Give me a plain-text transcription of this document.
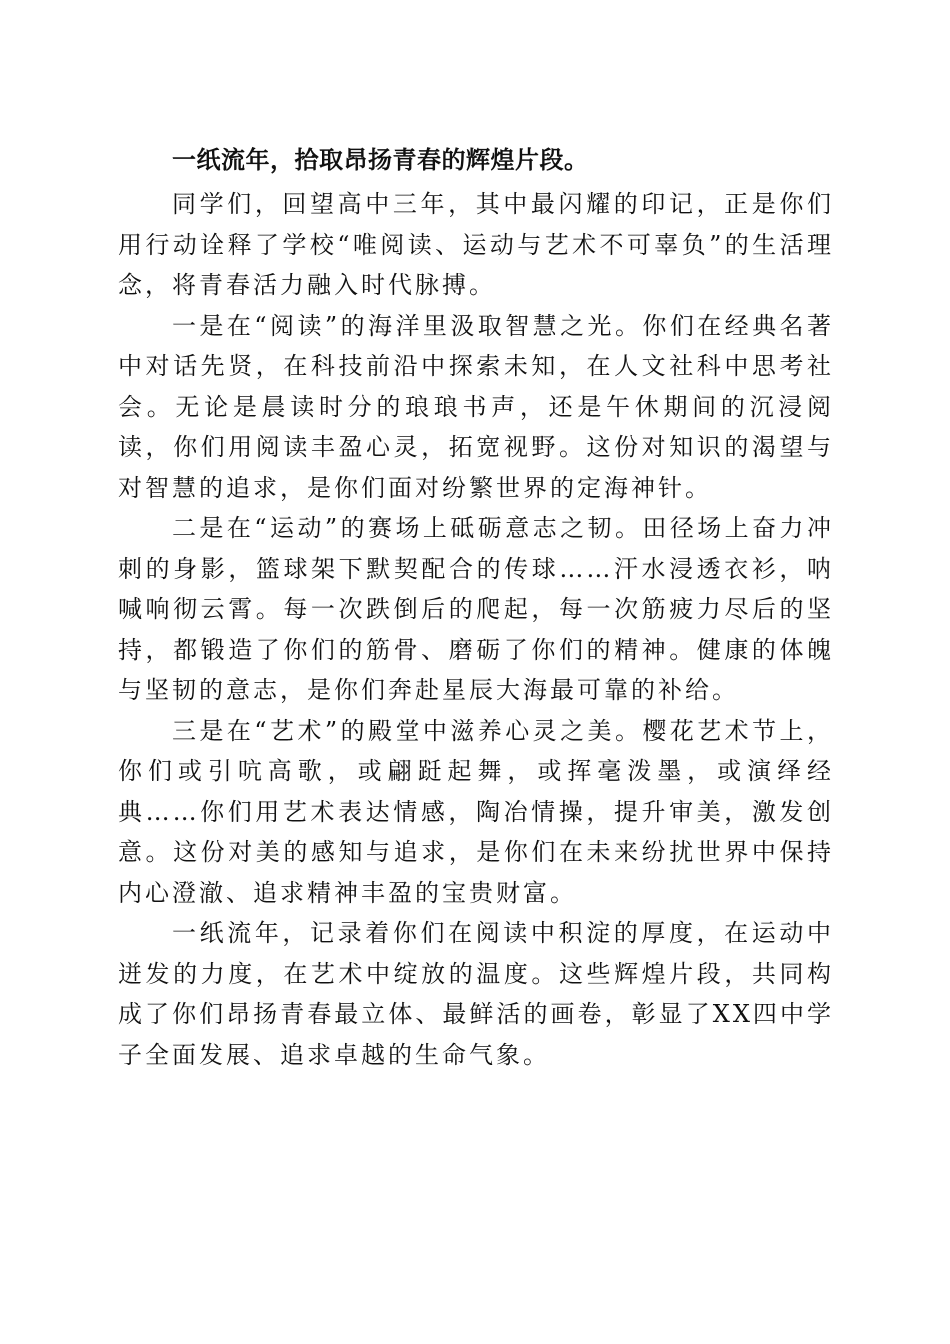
一纸流年，拾取昂扬青春的辉煌片段。

同学们，回望高中三年，其中最闪耀的印记，正是你们用行动诠释了学校“唯阅读、运动与艺术不可辜负”的生活理念，将青春活力融入时代脉搏。

一是在“阅读”的海洋里汲取智慧之光。你们在经典名著中对话先贤，在科技前沿中探索未知，在人文社科中思考社会。无论是晨读时分的琅琅书声，还是午休期间的沉浸阅读，你们用阅读丰盈心灵，拓宽视野。这份对知识的渴望与对智慧的追求，是你们面对纷繁世界的定海神针。

二是在“运动”的赛场上砥砺意志之韧。田径场上奋力冲刺的身影，篮球架下默契配合的传球……汗水浸透衣衫，呐喊响彻云霄。每一次跌倒后的爬起，每一次筋疲力尽后的坚持，都锻造了你们的筋骨、磨砺了你们的精神。健康的体魄与坚韧的意志，是你们奔赴星辰大海最可靠的补给。

三是在“艺术”的殿堂中滋养心灵之美。樱花艺术节上，你们或引吭高歌，或翩跹起舞，或挥毫泼墨，或演绎经典……你们用艺术表达情感，陶冶情操，提升审美，激发创意。这份对美的感知与追求，是你们在未来纷扰世界中保持内心澄澈、追求精神丰盈的宝贵财富。

一纸流年，记录着你们在阅读中积淀的厚度，在运动中迸发的力度，在艺术中绽放的温度。这些辉煌片段，共同构成了你们昂扬青春最立体、最鲜活的画卷，彰显了XX四中学子全面发展、追求卓越的生命气象。
